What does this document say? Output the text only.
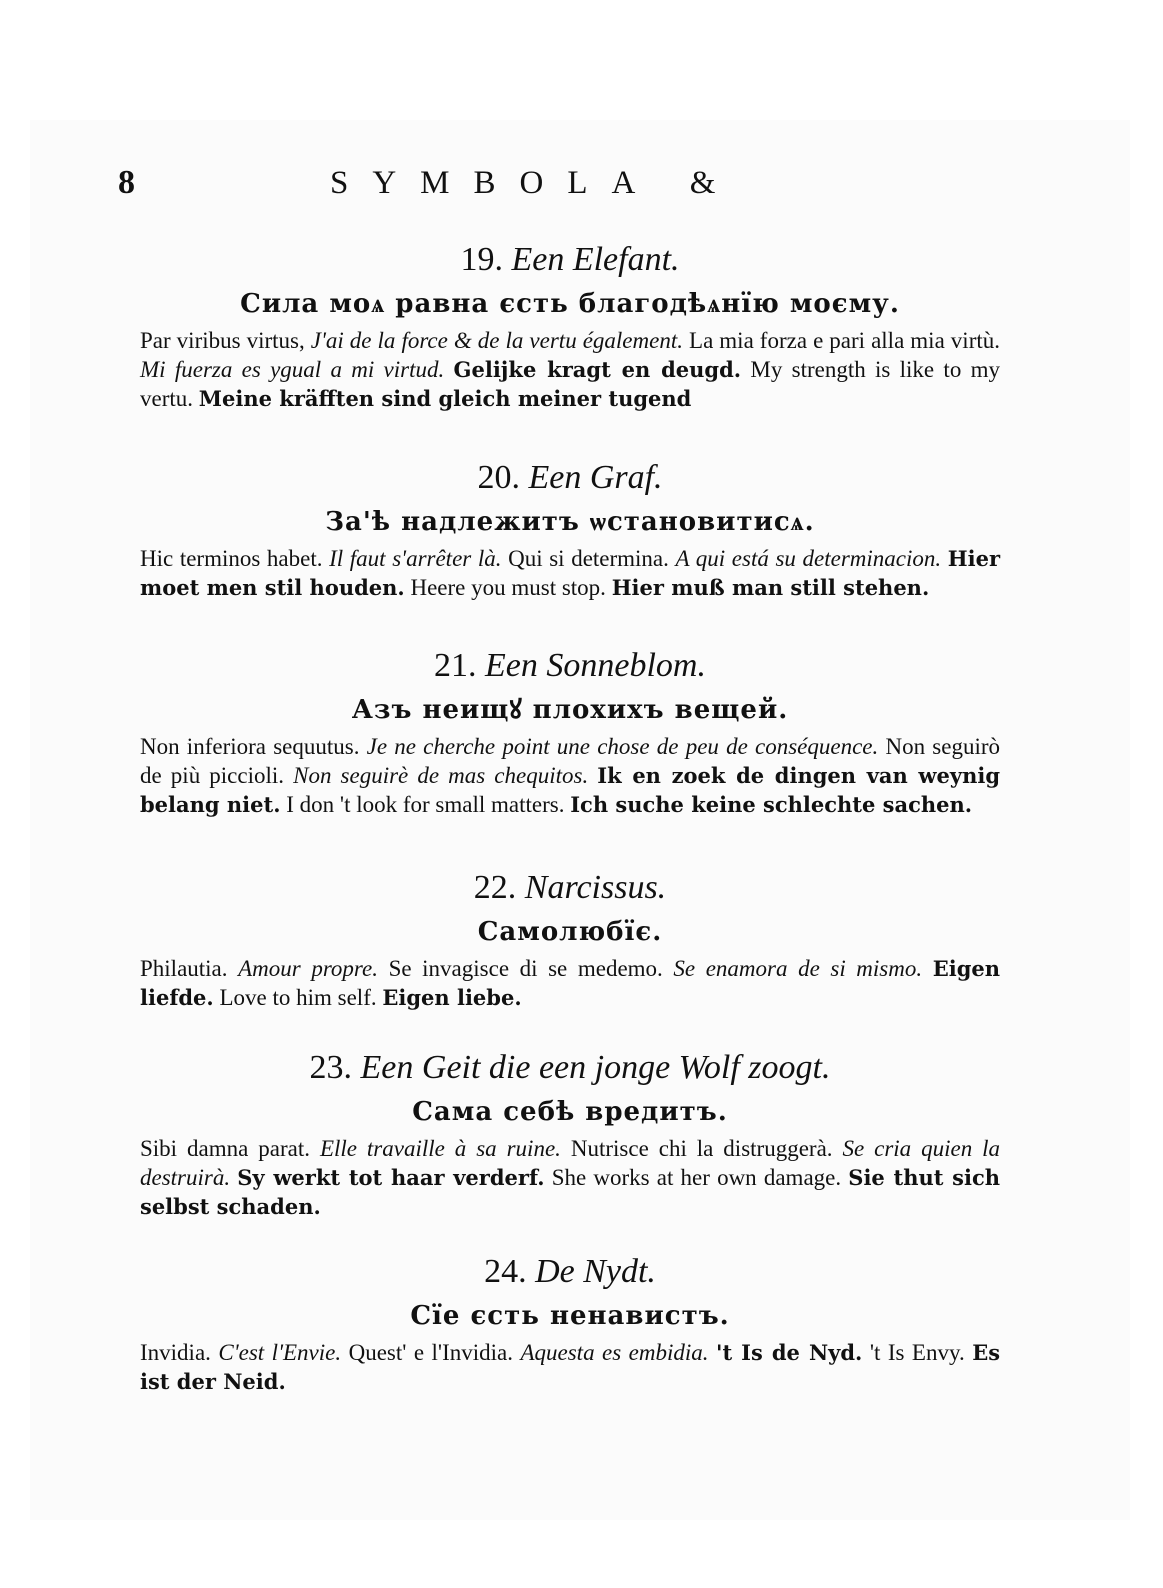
8	SYMBOLA &

19. Een Elefant.

Сила моѧ равна єсть благодѣѧнїю моєму.

Par viribus virtus, J'ai de la force & de la vertu également. La mia forza e pari alla mia virtù. Mi fuerza es ygual a mi virtud. Gelijke kragt en deugd. My strength is like to my vertu. Meine kräfften sind gleich meiner tugend

20. Een Graf.

За'ѣ надлежитъ ѡстановитисѧ.

Hic terminos habet. Il faut s'arrêter là. Qui si determina. A qui está su determinacion. Hier moet men stil houden. Heere you must stop. Hier muß man still stehen.

21. Een Sonneblom.

Азъ неищꙋ плохихъ вещей.

Non inferiora sequutus. Je ne cherche point une chose de peu de conséquence. Non seguirò de più piccioli. Non seguirè de mas chequitos. Ik en zoek de dingen van weynig belang niet. I don 't look for small matters. Ich suche keine schlechte sachen.

22. Narcissus.

Самолюбїє.

Philautia. Amour propre. Se invagisce di se medemo. Se enamora de si mismo. Eigen liefde. Love to him self. Eigen liebe.

23. Een Geit die een jonge Wolf zoogt.

Сама себѣ вредитъ.

Sibi damna parat. Elle travaille à sa ruine. Nutrisce chi la distruggerà. Se cria quien la destruirà. Sy werkt tot haar verderf. She works at her own damage. Sie thut sich selbst schaden.

24. De Nydt.

Сїе єсть ненавистъ.

Invidia. C'est l'Envie. Quest' e l'Invidia. Aquesta es embidia. 't Is de Nyd. 't Is Envy. Es ist der Neid.
